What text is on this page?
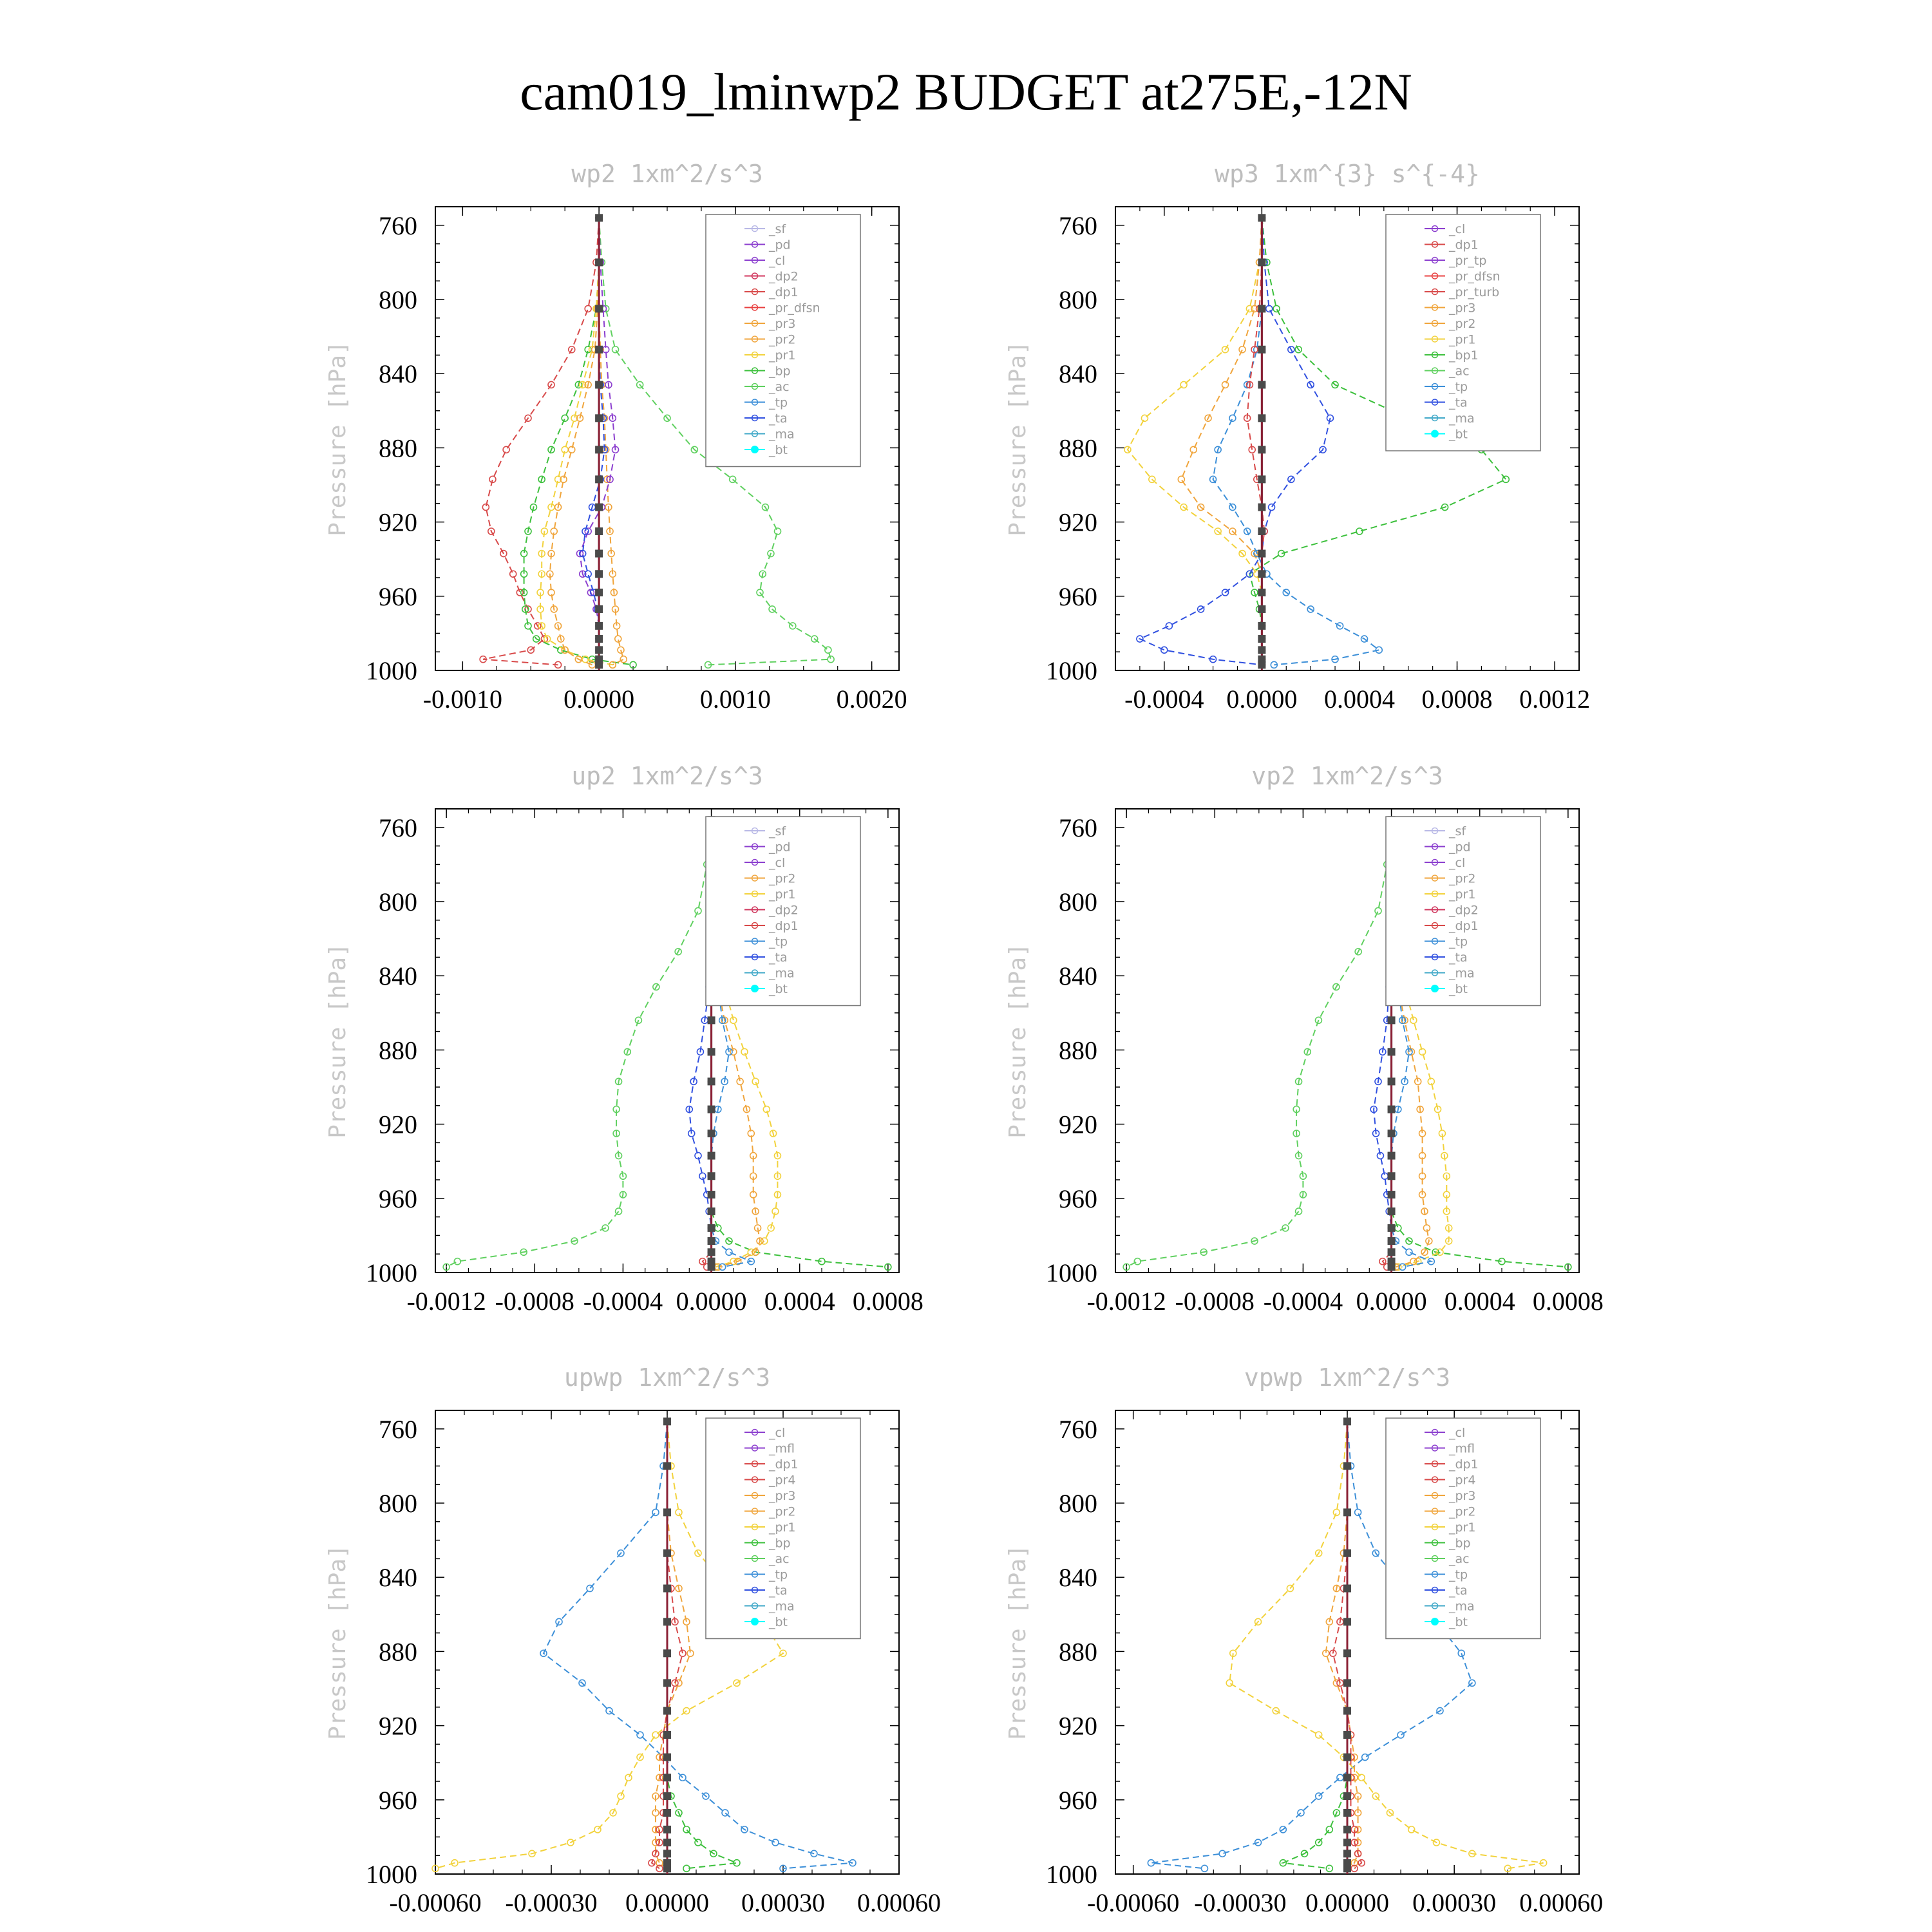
cam019_lminwp2 BUDGET at275E,-12N
wp2 1xm^2/s^3
Pressure [hPa]
760
800
840
880
920
960
1000
-0.0010 0.0000	0.0010	0.0020
_sf
_pd
_cl
_dp2
_dp1
_pr_dfsn
_pr3
_pr2
_pr1
_bp
_ac
_tp
_ta
_ma
_bt
wp3 1xm^{3} s^{-4}
Pressure [hPa]
760
800
840
880
920
960
1000
-0.0004 0.0000 0.0004 0.0008 0.0012
_cl
_dp1
_pr_tp
_pr_dfsn
_pr_turb
_pr3
_pr2
_pr1
_bp1
_ac
_tp
_ta
_ma
_bt
up2 1xm^2/s^3
Pressure [hPa]
760
800
840
880
920
960
1000
-0.0012 -0.0008 -0.0004 0.0000 0.0004 0.0008
_sf
_pd
_cl
_pr2
_pr1
_dp2
_dp1
_tp
_ta
_ma
_bt
vp2 1xm^2/s^3
Pressure [hPa]
760
800
840
880
920
960
1000
-0.0012 -0.0008 -0.0004 0.0000 0.0004 0.0008
_sf
_pd
_cl
_pr2
_pr1
_dp2
_dp1
_tp
_ta
_ma
_bt
upwp 1xm^2/s^3
Pressure [hPa]
760
800
840
880
920
960
1000
-0.00060 -0.00030 0.00000 0.00030 0.00060
_cl
_mfl
_dp1
_pr4
_pr3
_pr2
_pr1
_bp
_ac
_tp
_ta
_ma
_bt
vpwp 1xm^2/s^3
Pressure [hPa]
760
800
840
880
920
960
1000
-0.00060 -0.00030 0.00000 0.00030 0.00060
_cl
_mfl
_dp1
_pr4
_pr3
_pr2
_pr1
_bp
_ac
_tp
_ta
_ma
_bt
